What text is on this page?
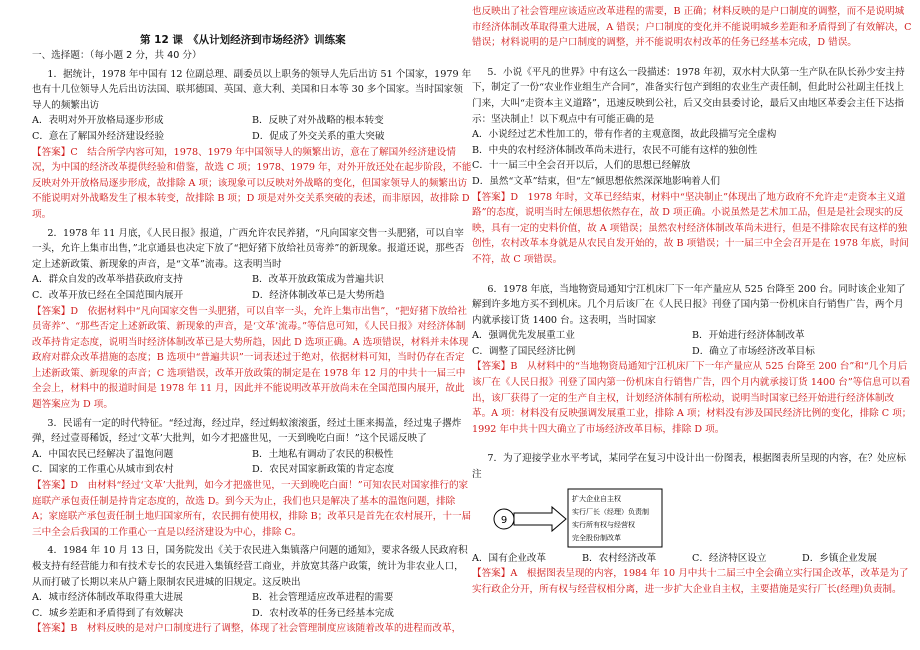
第 12 课　《从计划经济到市场经济》训练案
一、选择题：（每小题 2 分，共 40 分）

1．据统计，1978 年中国有 12 位副总理、副委员以上职务的领导人先后出访 51 个国家，1979 年也有十几位领导人先后出访法国、联邦德国、英国、意大利、美国和日本等 30 多个国家。当时国家领导人的频繁出访

A．表明对外开放格局逐步形成	B．反映了对外战略的根本转变
C．意在了解国外经济建设经验	D．促成了外交关系的重大突破

【答案】C　结合所学内容可知，1978、1979 年中国领导人的频繁出访，意在了解国外经济建设情况，为中国的经济改革提供经验和借鉴，故选 C 项；1978、1979 年，对外开放还处在起步阶段，不能反映对外开放格局逐步形成，故排除 A 项；该现象可以反映对外战略的变化，但国家领导人的频繁出访不能说明对外战略发生了根本转变，故排除 B 项；D 项是对外交关系突破的表述，而非原因，故排除 D 项。

2．1978 年 11 月底，《人民日报》报道，广西允许农民养猪，“凡向国家交售一头肥猪，可以自宰一头，允许上集市出售，”北京通县也决定下放了“把好猪下放给社员寄养”的新现象。报道还说，那些否定上述新政策、新现象的声音，是“文革”流毒。这表明当时

A．群众自发的改革举措获政府支持	B．改革开放政策成为普遍共识
C．改革开放已经在全国范围内展开	D．经济体制改革已是大势所趋

【答案】D　依据材料中“凡向国家交售一头肥猪，可以自宰一头，允许上集市出售”，“把好猪下放给社员寄养”、“那些否定上述新政策、新现象的声音，是‘文革’流毒。”等信息可知，《人民日报》对经济体制改革持肯定态度，说明当时经济体制改革已是大势所趋，因此 D 选项正确。A 选项错误，材料并未体现政府对群众改革措施的态度；B 选项中“普遍共识”一词表述过于绝对，依据材料可知，当时仍存在否定上述新政策、新现象的声音；C 选项错误，改革开放政策的制定是在 1978 年 12 月的中共十一届三中全会上，材料中的报道时间是 1978 年 11 月，因此并不能说明改革开放尚未在全国范围内展开，故此题答案应为 D 项。

3．民谣有一定的时代特征。“经过海，经过岸，经过蚂蚁滚滚蛋，经过土匪来揭盖，经过鬼子撂炸弹，经过壹哥稀饭，经过‘文革’大批判，如今才把盛世见，一天到晚吃白面！”这个民谣反映了

A．中国农民已经解决了温饱问题	B．土地私有调动了农民的积极性
C．国家的工作重心从城市到农村	D．农民对国家新政策的肯定态度

【答案】D　由材料“经过‘文革’大批判，如今才把盛世见，一天到晚吃白面！”可知农民对国家推行的家庭联产承包责任制是持肯定态度的，故选 D。到今天为止，我们也只是解决了基本的温饱问题，排除 A；家庭联产承包责任制土地归国家所有，农民拥有使用权，排除 B；改革只是首先在农村展开，十一届三中全会后我国的工作重心一直是以经济建设为中心，排除 C。

4．1984 年 10 月 13 日，国务院发出《关于农民进入集镇落户问题的通知》，要求各级人民政府积极支持有经营能力和有技术专长的农民进入集镇经营工商业，并放宽其落户政策，统计为非农业人口，从而打破了长期以来从户籍上限制农民进城的旧规定。这反映出

A．城市经济体制改革取得重大进展	B．社会管理适应改革进程的需要
C．城乡差距和矛盾得到了有效解决	D．农村改革的任务已经基本完成

【答案】B　材料反映的是对户口制度进行了调整，体现了社会管理制度应该随着改革的进程而改革，

也反映出了社会管理应该适应改革进程的需要，B 正确；材料反映的是户口制度的调整，而不是说明城市经济体制改革取得重大进展，A 错误；户口制度的变化并不能说明城乡差距和矛盾得到了有效解决，C 错误；材料说明的是户口制度的调整，并不能说明农村改革的任务已经基本完成，D 错误。

5．小说《平凡的世界》中有这么一段描述：1978 年初，双水村大队第一生产队在队长孙少安主持下，制定了一份“农业作业组生产合同”，准备实行包产到组的农业生产责任制，但此时公社副主任找上门来，大叫“走资本主义道路”，迅速反映到公社，后又交由县委讨论，最后又由地区革委会主任下达指示：坚决制止！以下观点中有可能正确的是

A．小说经过艺术性加工的，带有作者的主观意图，故此段描写完全虚构

B．中央的农村经济体制改革尚未进行，农民不可能有这样的独创性

C．十一届三中全会召开以后，人们的思想已经解放

D．虽然“文革”结束，但“左”倾思想依然深深地影响着人们

【答案】D　1978 年时，文革已经结束，材料中“坚决制止”体现出了地方政府不允许走“走资本主义道路”的态度，说明当时左倾思想依然存在，故 D 项正确。小说虽然是艺术加工品，但是是社会现实的反映，具有一定的史料价值，故 A 项错误；虽然农村经济体制改革尚未进行，但是不排除农民有这样的独创性，农村改革本身就是从农民自发开始的，故 B 项错误；十一届三中全会召开是在 1978 年底，时间不符，故 C 项错误。

6．1978 年底，当地物资局通知宁江机床厂下一年产量应从 525 台降至 200 台。同时该企业知了解到许多地方买不到机床。几个月后该厂在《人民日报》刊登了国内第一份机床自行销售广告，两个月内就承接订货 1400 台。这表明，当时国家

A．强调优先发展重工业	B．开始进行经济体制改革
C．调整了国民经济比例	D．确立了市场经济改革目标

【答案】B　从材料中的“当地物资局通知宁江机床厂下一年产量应从 525 台降至 200 台”和“几个月后该厂在《人民日报》刊登了国内第一份机床自行销售广告，四个月内就承接订货 1400 台”等信息可以看出，该厂获得了一定的生产自主权，计划经济体制有所松动，说明当时国家已经开始进行经济体制改革。A 项：材料没有反映强调发展重工业，排除 A 项；材料没有涉及国民经济比例的变化，排除 C 项；1992 年中共十四大确立了市场经济改革目标，排除 D 项。

7．为了迎接学业水平考试，某同学在复习中设计出一份图表，根据图表所呈现的内容，在？处应标注

9
扩大企业自主权
实行厂长（经理）负责制
实行所有权与经营权
完全股份制改革
A．国有企业改革	B．农村经济改革	C．经济特区设立	D．乡镇企业发展

【答案】A　根据图表呈现的内容，1984 年 10 月中共十二届三中全会确立实行国企改革，改革是为了实行政企分开，所有权与经营权相分离，进一步扩大企业自主权，主要措施是实行厂长(经理)负责制。
